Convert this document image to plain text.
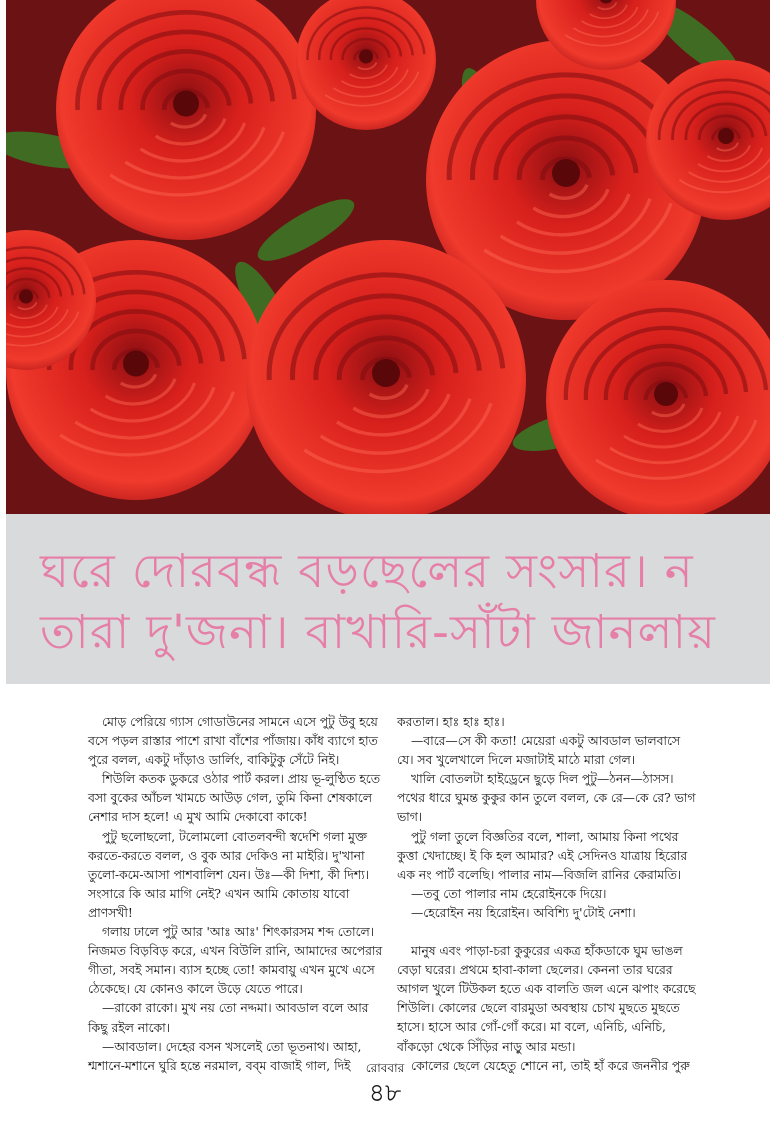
ঘরে দোরবন্ধ বড়ছেলের সংসার। ন
তারা দু'জনা। বাখারি-সাঁটা জানলায়

মোড় পেরিয়ে গ্যাস গোডাউনের সামনে এসে পুটু উবু হয়ে বসে পড়ল রাস্তার পাশে রাখা বাঁশের পাঁজায়। কাঁধ ব্যাগে হাত পুরে বলল, একটু দাঁড়াও ডার্লিং, বাকিটুকু সেঁটে নিই।

শিউলি কতক ডুকরে ওঠার পার্ট করল। প্রায় ভূ-লুণ্ঠিত হতে বসা বুকের আঁচল খামচে আউড় গেল, তুমি কিনা শেষকালে নেশার দাস হলে! এ মুখ আমি দেকাবো কাকে!

পুটু ছলোছলো, টলোমলো বোতলবন্দী স্বদেশি গলা মুক্ত করতে-করতে বলল, ও বুক আর দেকিও না মাইরি। দু'খানা তুলো-কমে-আসা পাশবালিশ যেন। উঃ—কী দিশা, কী দিশ্য। সংসারে কি আর মাগি নেই? এখন আমি কোতায় যাবো প্রাণসখী!

গলায় ঢালে পুটু আর 'আঃ আঃ' শিৎকারসম শব্দ তোলে। নিজমত বিড়বিড় করে, এখন বিউলি রানি, আমাদের অপেরার গীতা, সবই সমান। ব্যাস হচ্ছে তো! কামবায়ু এখন মুখে এসে ঠেকেছে। যে কোনও কালে উড়ে যেতে পারে।

—রাকো রাকো। মুখ নয় তো নদ্দমা। আবডাল বলে আর কিছু রইল নাকো।

—আবডাল। দেহের বসন খসলেই তো ভূতনাথ। আহা, শ্মশানে-মশানে ঘুরি হন্তে নরমাল, বব্‌ম বাজাই গাল, দিই

করতাল। হাঃ হাঃ হাঃ।

—বারে—সে কী কতা! মেয়েরা একটু আবডাল ভালবাসে যে। সব খুলেখালে দিলে মজাটাই মাঠে মারা গেল।

খালি বোতলটা হাইড্রেনে ছুড়ে দিল পুটু—ঠনন—ঠাসস। পথের ধারে ঘুমন্ত কুকুর কান তুলে বলল, কে রে—কে রে? ভাগ ভাগ।

পুটু গলা তুলে বিজ্ঞতির বলে, শালা, আমায় কিনা পথের কুত্তা খেদাচ্ছে। ই কি হল আমার? এই সেদিনও যাত্রায় হিরোর এক নং পার্ট বলেছি। পালার নাম—বিজলি রানির কেরামতি।

—তবু তো পালার নাম হেরোইনকে দিয়ে।

—হেরোইন নয় হিরোইন। অবিশ্যি দু'টোই নেশা।

মানুষ এবং পাড়া-চরা কুকুরের একত্র হাঁকডাকে ঘুম ভাঙল বেড়া ঘরের। প্রথমে হাবা-কালা ছেলের। কেননা তার ঘরের আগল খুলে টিউকল হতে এক বালতি জল এনে ঝপাং করেছে শিউলি। কোলের ছেলে বারমুডা অবস্থায় চোখ মুছতে মুছতে হাসে। হাসে আর গোঁ-গোঁ করে। মা বলে, এনিচি, এনিচি, বাঁকড়ো থেকে সিঁড়ির নাড়ু আর মন্ডা।

কোলের ছেলে যেহেতু শোনে না, তাই হাঁ করে জননীর পুরু

রোববার
৪৮
